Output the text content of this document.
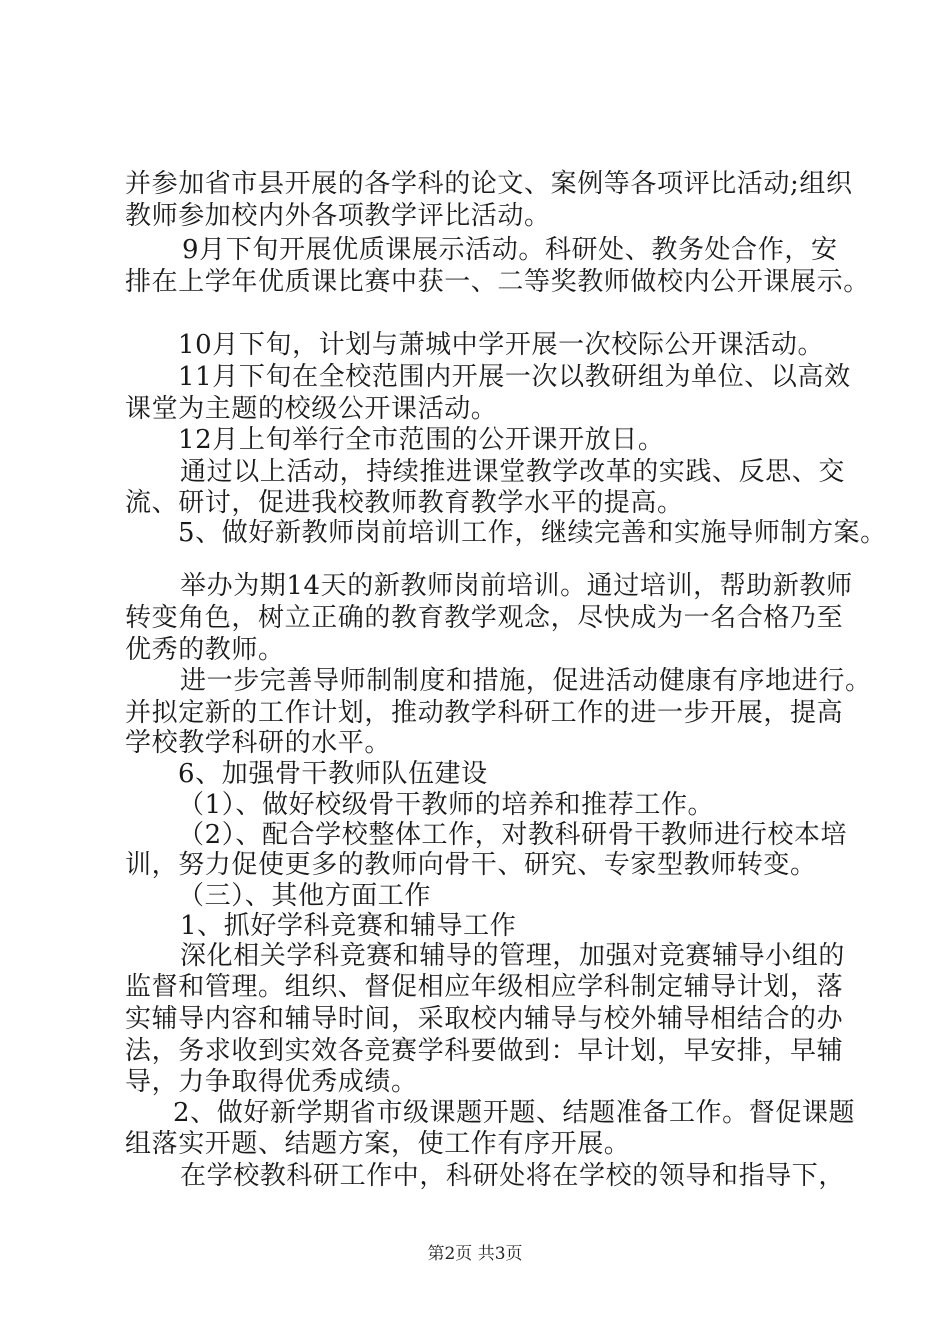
并参加省市县开展的各学科的论文、案例等各项评比活动;组织
教师参加校内外各项教学评比活动。
9月下旬开展优质课展示活动。科研处、教务处合作，安
排在上学年优质课比赛中获一、二等奖教师做校内公开课展示。
10月下旬，计划与萧城中学开展一次校际公开课活动。
11月下旬在全校范围内开展一次以教研组为单位、以高效
课堂为主题的校级公开课活动。
12月上旬举行全市范围的公开课开放日。
通过以上活动，持续推进课堂教学改革的实践、反思、交
流、研讨，促进我校教师教育教学水平的提高。
5、做好新教师岗前培训工作，继续完善和实施导师制方案。
举办为期14天的新教师岗前培训。通过培训，帮助新教师
转变角色，树立正确的教育教学观念，尽快成为一名合格乃至
优秀的教师。
进一步完善导师制制度和措施，促进活动健康有序地进行。
并拟定新的工作计划，推动教学科研工作的进一步开展，提高
学校教学科研的水平。
6、加强骨干教师队伍建设
（1）、做好校级骨干教师的培养和推荐工作。
（2）、配合学校整体工作，对教科研骨干教师进行校本培
训，努力促使更多的教师向骨干、研究、专家型教师转变。
（三）、其他方面工作
1、抓好学科竞赛和辅导工作
深化相关学科竞赛和辅导的管理，加强对竞赛辅导小组的
监督和管理。组织、督促相应年级相应学科制定辅导计划，落
实辅导内容和辅导时间，采取校内辅导与校外辅导相结合的办
法，务求收到实效各竞赛学科要做到：早计划，早安排，早辅
导，力争取得优秀成绩。
2、做好新学期省市级课题开题、结题准备工作。督促课题
组落实开题、结题方案，使工作有序开展。
在学校教科研工作中，科研处将在学校的领导和指导下，
第2页 共3页
